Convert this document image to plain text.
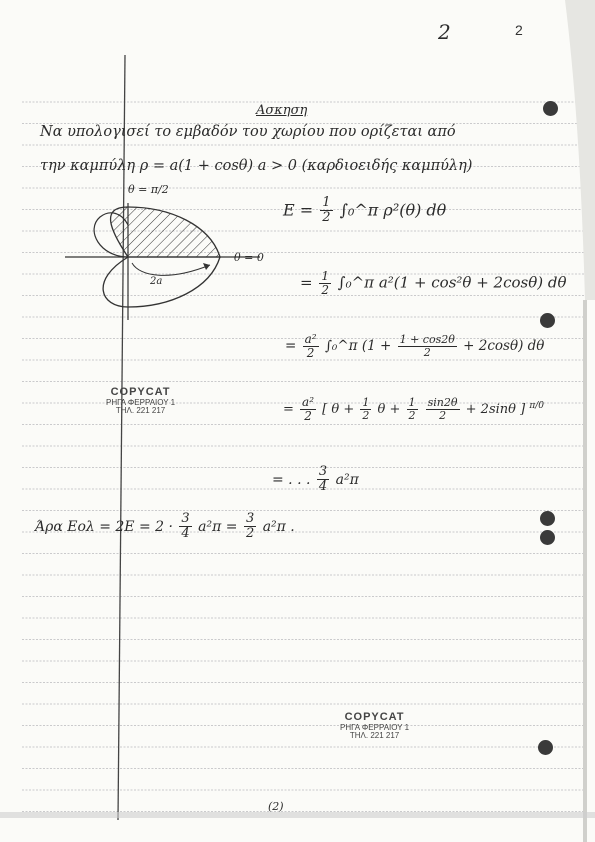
2	2
Ασκηση
Να υπολογισεί το εμβαδόν του χωρίου που ορίζεται από
την καμπύλη ρ = a(1 + cosθ) a > 0 (καρδιοειδής καμπύλη)
θ = π/2
θ = 0
2a
$E = \frac{1}{2}$ ∫₀^π ρ²(θ) dθ
= $\frac{1}{2}$ ∫₀^π a²(1 + cos²θ + 2cosθ) dθ
= $\frac{\text{a²}}{2}$ ∫₀^π $(1 + \frac{1 + \cos 2\theta}{2} + 2\cos\theta)$ dθ
= $\frac{\text{a²}}{2}$ [ $\theta + \frac{1}{2}$ $\theta + \frac{1}{2}$
$\frac{\sin 2\theta}{2} + 2\sin\theta$ ] $^{\pi/0}$
= . . . $\frac{3}{4} a^2\pi$
Άρα $Eo\lambda = 2E = 2 \cdot \frac{3}{4} a^2\pi = \frac{3}{2} a^2\pi$ .
COPYCAT
ΡΗΓΑ ΦΕΡΡΑΙΟΥ 1
ΤΗΛ. 221 217
COPYCAT
ΡΗΓΑ ΦΕΡΡΑΙΟΥ 1
ΤΗΛ. 221 217
(2)
